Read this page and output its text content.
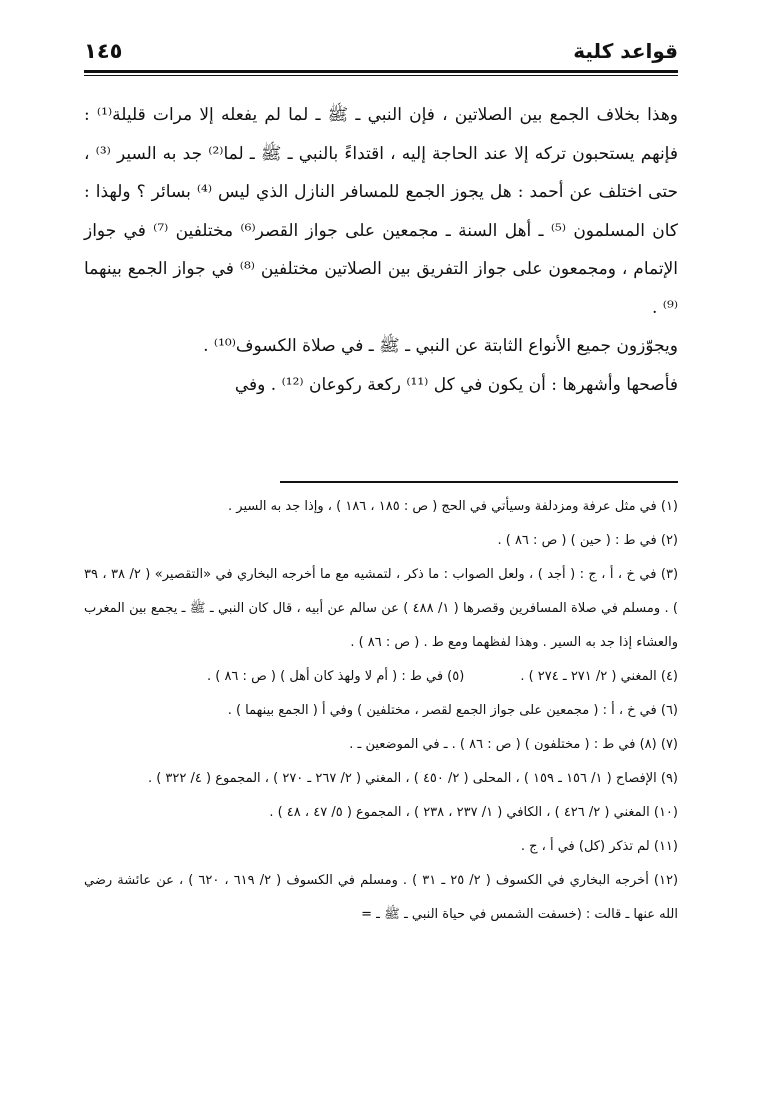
قواعد كلية
١٤٥

وهذا بخلاف الجمع بين الصلاتين ، فإن النبي ـ ﷺ ـ لما لم يفعله إلا مرات قليلة⁽¹⁾ : فإنهم يستحبون تركه إلا عند الحاجة إليه ، اقتداءً بالنبي ـ ﷺ ـ لما⁽²⁾ جد به السير ⁽³⁾ ، حتى اختلف عن أحمد : هل يجوز الجمع للمسافر النازل الذي ليس ⁽⁴⁾ بسائر ؟ ولهذا : كان المسلمون ⁽⁵⁾ ـ أهل السنة ـ مجمعين على جواز القصر⁽⁶⁾ مختلفين ⁽⁷⁾ في جواز الإتمام ، ومجمعون على جواز التفريق بين الصلاتين مختلفين ⁽⁸⁾ في جواز الجمع بينهما ⁽⁹⁾ .

ويجوّزون جميع الأنواع الثابتة عن النبي ـ ﷺ ـ في صلاة الكسوف⁽¹⁰⁾ .

فأصحها وأشهرها : أن يكون في كل ⁽¹¹⁾ ركعة ركوعان ⁽¹²⁾ . وفي

(١) في مثل عرفة ومزدلفة وسيأتي في الحج ( ص : ١٨٥ ، ١٨٦ ) ، وإذا جد به السير .

(٢) في ط : ( حين ) ( ص : ٨٦ ) .

(٣) في خ ، أ ، ج : ( أجد ) ، ولعل الصواب : ما ذكر ، لتمشيه مع ما أخرجه البخاري في «التقصير» ( ٢/ ٣٨ ، ٣٩ ) . ومسلم في صلاة المسافرين وقصرها ( ١/ ٤٨٨ ) عن سالم عن أبيه ، قال كان النبي ـ ﷺ ـ يجمع بين المغرب والعشاء إذا جد به السير . وهذا لفظهما ومع ط . ( ص : ٨٦ ) .

(٤) المغني ( ٢/ ٢٧١ ـ ٢٧٤ ) .
(٥) في ط : ( أم لا ولهذ كان أهل ) ( ص : ٨٦ ) .

(٦) في خ ، أ : ( مجمعين على جواز الجمع لقصر ، مختلفين ) وفي أ ( الجمع بينهما ) .

(٧) (٨) في ط : ( مختلفون ) ( ص : ٨٦ ) . ـ في الموضعين ـ .

(٩) الإفصاح ( ١/ ١٥٦ ـ ١٥٩ ) ، المحلى ( ٢/ ٤٥٠ ) ، المغني ( ٢/ ٢٦٧ ـ ٢٧٠ ) ، المجموع ( ٤/ ٣٢٢ ) .

(١٠) المغني ( ٢/ ٤٢٦ ) ، الكافي ( ١/ ٢٣٧ ، ٢٣٨ ) ، المجموع ( ٥/ ٤٧ ، ٤٨ ) .

(١١) لم تذكر (كل) في أ ، ج .

(١٢) أخرجه البخاري في الكسوف ( ٢/ ٢٥ ـ ٣١ ) . ومسلم في الكسوف ( ٢/ ٦١٩ ، ٦٢٠ ) ، عن عائشة رضي الله عنها ـ قالت : (خسفت الشمس في حياة النبي ـ ﷺ ـ =
